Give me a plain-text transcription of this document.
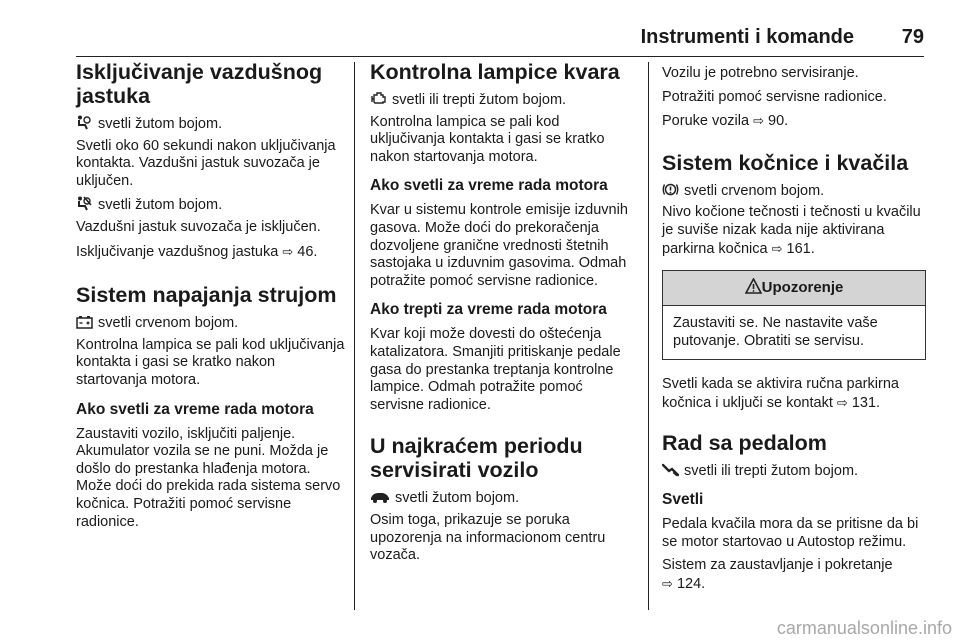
Instrumenti i komande 79
Isključivanje vazdušnog jastuka

svetli žutom bojom.

Svetli oko 60 sekundi nakon uključivanja kontakta. Vazdušni jastuk suvozača je uključen.

svetli žutom bojom.

Vazdušni jastuk suvozača je isključen.

Isključivanje vazdušnog jastuka ⇨ 46.

Sistem napajanja strujom

svetli crvenom bojom.

Kontrolna lampica se pali kod uključivanja kontakta i gasi se kratko nakon startovanja motora.

Ako svetli za vreme rada motora

Zaustaviti vozilo, isključiti paljenje. Akumulator vozila se ne puni. Možda je došlo do prestanka hlađenja motora. Može doći do prekida rada sistema servo kočnica. Potražiti pomoć servisne radionice.

Kontrolna lampice kvara

svetli ili trepti žutom bojom.

Kontrolna lampica se pali kod uključivanja kontakta i gasi se kratko nakon startovanja motora.

Ako svetli za vreme rada motora

Kvar u sistemu kontrole emisije izduvnih gasova. Može doći do prekoračenja dozvoljene granične vrednosti štetnih sastojaka u izduvnim gasovima. Odmah potražite pomoć servisne radionice.

Ako trepti za vreme rada motora

Kvar koji može dovesti do oštećenja katalizatora. Smanjiti pritiskanje pedale gasa do prestanka treptanja kontrolne lampice. Odmah potražite pomoć servisne radionice.

U najkraćem periodu servisirati vozilo

svetli žutom bojom.

Osim toga, prikazuje se poruka upozorenja na informacionom centru vozača.

Vozilu je potrebno servisiranje.

Potražiti pomoć servisne radionice.

Poruke vozila ⇨ 90.

Sistem kočnice i kvačila

svetli crvenom bojom.

Nivo kočione tečnosti i tečnosti u kvačilu je suviše nizak kada nije aktivirana parkirna kočnica ⇨ 161.

Upozorenje

Zaustaviti se. Ne nastavite vaše putovanje. Obratiti se servisu.

Svetli kada se aktivira ručna parkirna kočnica i uključi se kontakt ⇨ 131.

Rad sa pedalom

svetli ili trepti žutom bojom.

Svetli

Pedala kvačila mora da se pritisne da bi se motor startovao u Autostop režimu.

Sistem za zaustavljanje i pokretanje
⇨ 124.

carmanualsonline.info
